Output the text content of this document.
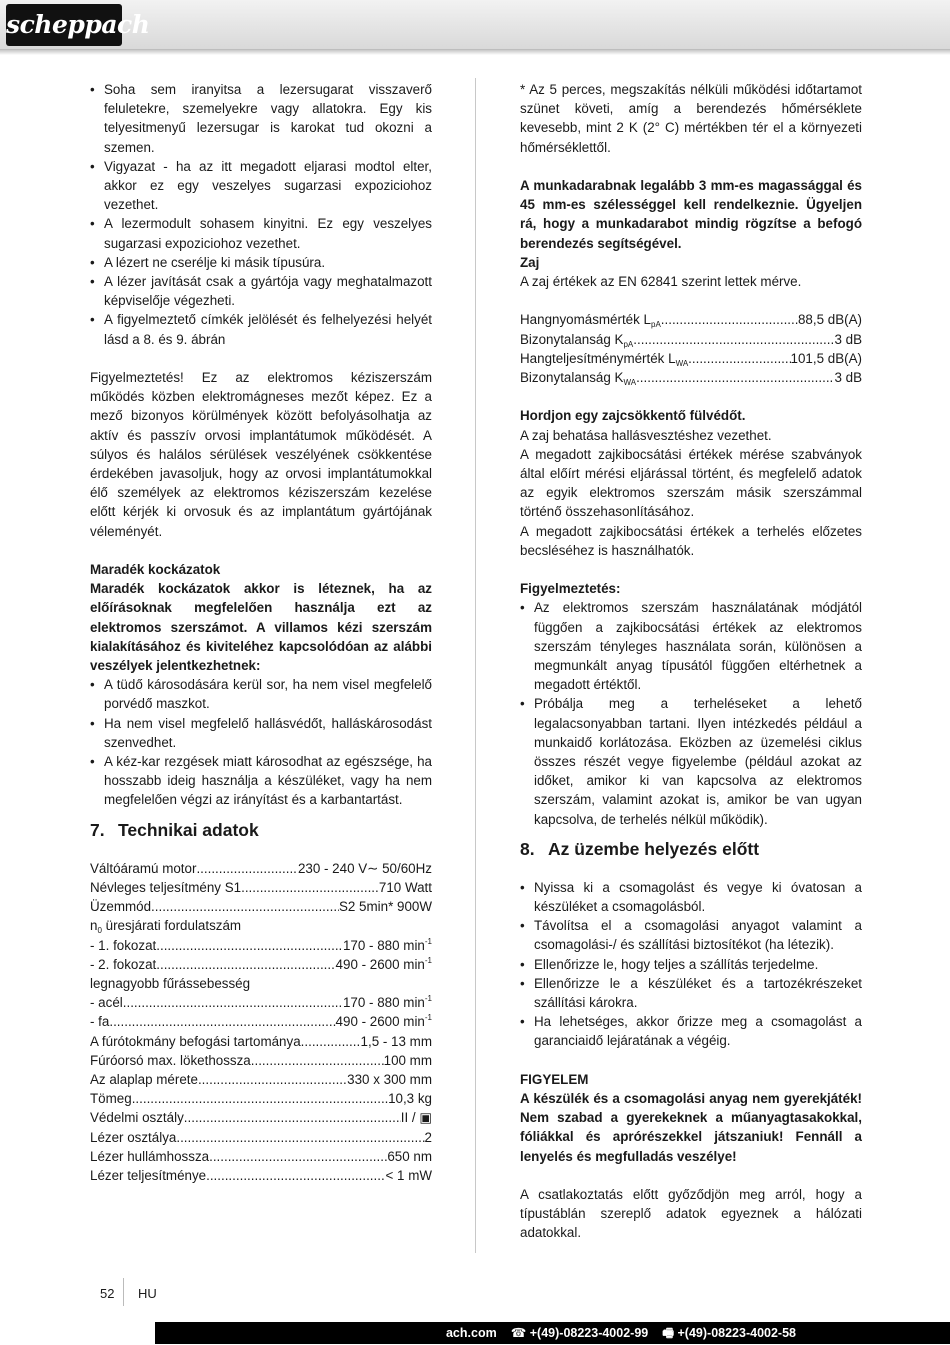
scheppach
• Soha sem iranyitsa a lezersugarat visszaverő feluletekre, szemelyekre vagy allatokra. Egy kis telyesitmenyű lezersugar is karokat tud okozni a szemen.
• Vigyazat - ha az itt megadott eljarasi modtol elter, akkor ez egy veszelyes sugarzasi expoziciohoz vezethet.
• A lezermodult sohasem kinyitni. Ez egy veszelyes sugarzasi expoziciohoz vezethet.
• A lézert ne cserélje ki másik típusúra.
• A lézer javítását csak a gyártója vagy meghatalmazott képviselője végezheti.
• A figyelmeztető címkék jelölését és felhelyezési helyét lásd a 8. és 9. ábrán

Figyelmeztetés! Ez az elektromos kéziszerszám működés közben elektromágneses mezőt képez. Ez a mező bizonyos körülmények között befolyásolhatja az aktív és passzív orvosi implantátumok működését. A súlyos és halálos sérülések veszélyének csökkentése érdekében javasoljuk, hogy az orvosi implantátumokkal élő személyek az elektromos kéziszerszám kezelése előtt kérjék ki orvosuk és az implantátum gyártójának véleményét.

Maradék kockázatok

Maradék kockázatok akkor is léteznek, ha az előírásoknak megfelelően használja ezt az elektromos szerszámot. A villamos kézi szerszám kialakításához és kiviteléhez kapcsolódóan az alábbi veszélyek jelentkezhetnek:

• A tüdő károsodására kerül sor, ha nem visel megfelelő porvédő maszkot.
• Ha nem visel megfelelő hallásvédőt, halláskárosodást szenvedhet.
• A kéz-kar rezgések miatt károsodhat az egészsége, ha hosszabb ideig használja a készüléket, vagy ha nem megfelelően végzi az irányítást és a karbantartást.
7. Technikai adatok
Váltóáramú motor .....	230 - 240 V∼ 50/60Hz
Névleges teljesítmény S1 .....	710 Watt
Üzemmód .....	S2 5min* 900W
$n_0$ üresjárati fordulatszám
- 1. fokozat .....	170 - 880 $\min^{-1}$
- 2. fokozat .....	490 - 2600 $\min^{-1}$
legnagyobb fűrássebesség
- acél .....	170 - 880 $\min^{-1}$
- fa .....	490 - 2600 $\min^{-1}$
A fúrótokmány befogási tartománya .....	1,5 - 13 mm
Fúróorsó max. lökethossza .....	100 mm
Az alaplap mérete .....	330 x 300 mm
Tömeg .....	10,3 kg
Védelmi osztály .....	II / ▣
Lézer osztálya .....	2
Lézer hullámhossza .....	650 nm
Lézer teljesítménye .....	< 1 mW

* Az 5 perces, megszakítás nélküli működési időtartamot szünet követi, amíg a berendezés hőmérséklete kevesebb, mint 2 K (2° C) mértékben tér el a környezeti hőmérséklettől.

A munkadarabnak legalább 3 mm-es magassággal és 45 mm-es szélességgel kell rendelkeznie. Ügyeljen rá, hogy a munkadarabot mindig rögzítse a befogó berendezés segítségével.

Zaj

A zaj értékek az EN 62841 szerint lettek mérve.

Hangnyomásmérték $L_{pA}$ .....	88,5 dB(A)
Bizonytalanság $K_{pA}$ .....	3 dB
Hangteljesítménymérték $L_{WA}$ .....	101,5 dB(A)
Bizonytalanság $K_{WA}$ .....	3 dB

Hordjon egy zajcsökkentő fülvédőt.

A zaj behatása hallásvesztéshez vezethet.

A megadott zajkibocsátási értékek mérése szabványok által előírt mérési eljárással történt, és megfelelő adatok az egyik elektromos szerszám másik szerszámmal történő összehasonlításához.

A megadott zajkibocsátási értékek a terhelés előzetes becsléséhez is használhatók.

Figyelmeztetés:

• Az elektromos szerszám használatának módjától függően a zajkibocsátási értékek az elektromos szerszám tényleges használata során, különösen a megmunkált anyag típusától függően eltérhetnek a megadott értéktől.
• Próbálja meg a terheléseket a lehető legalacsonyabban tartani. Ilyen intézkedés például a munkaidő korlátozása. Eközben az üzemelési ciklus összes részét vegye figyelembe (például azokat az időket, amikor ki van kapcsolva az elektromos szerszám, valamint azokat is, amikor be van ugyan kapcsolva, de terhelés nélkül működik).
8. Az üzembe helyezés előtt
• Nyissa ki a csomagolást és vegye ki óvatosan a készüléket a csomagolásból.
• Távolítsa el a csomagolási anyagot valamint a csomagolási-/ és szállítási biztosítékot (ha létezik).
• Ellenőrizze le, hogy teljes a szállítás terjedelme.
• Ellenőrizze le a készüléket és a tartozékrészeket szállítási károkra.
• Ha lehetséges, akkor őrizze meg a csomagolást a garanciaidő lejáratának a végéig.

FIGYELEM

A készülék és a csomagolási anyag nem gyerekjáték! Nem szabad a gyerekeknek a műanyagtasakokkal, fóliákkal és aprórészekkel játszaniuk! Fennáll a lenyelés és megfulladás veszélye!

A csatlakoztatás előtt győződjön meg arról, hogy a típustáblán szereplő adatok egyeznek a hálózati adatokkal.

52 HU
ach.com ☎ +(49)-08223-4002-99 🖷 +(49)-08223-4002-58
